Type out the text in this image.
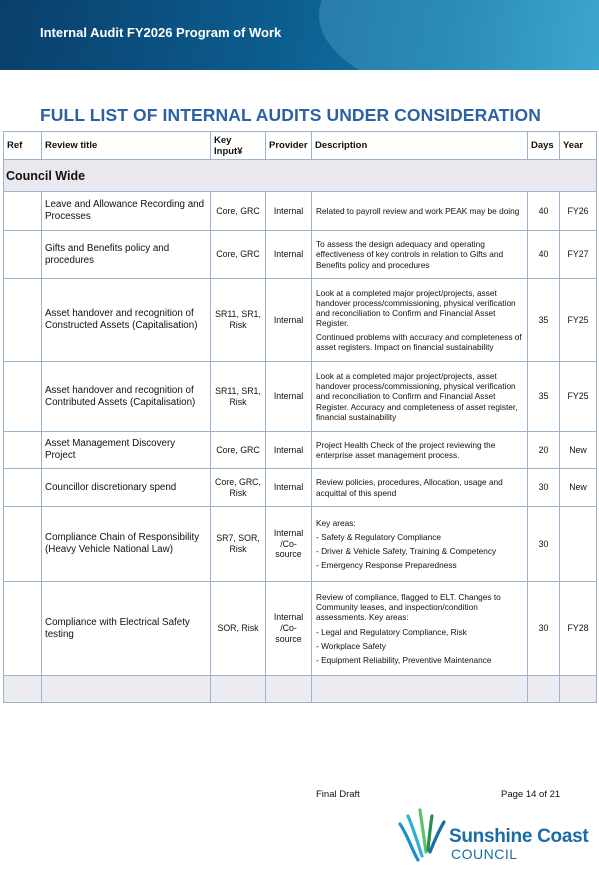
Internal Audit FY2026 Program of Work
FULL LIST OF INTERNAL AUDITS UNDER CONSIDERATION
Ref	Review title	Key Input¥	Provider	Description	Days	Year
Council Wide						
	Leave and Allowance Recording and Processes	Core, GRC	Internal	Related to payroll review and work PEAK may be doing	40	FY26
	Gifts and Benefits policy and procedures	Core, GRC	Internal	To assess the design adequacy and operating effectiveness of key controls in relation to Gifts and Benefits policy and procedures	40	FY27
	Asset handover and recognition of Constructed Assets (Capitalisation)	SR11, SR1, Risk	Internal	Look at a completed major project/projects, asset handover process/commissioning, physical verification and reconciliation to Confirm and Financial Asset Register.

Continued problems with accuracy and completeness of asset registers. Impact on financial sustainability	35	FY25
	Asset handover and recognition of Contributed Assets (Capitalisation)	SR11, SR1, Risk	Internal	Look at a completed major project/projects, asset handover process/commissioning, physical verification and reconciliation to Confirm and Financial Asset Register. Accuracy and completeness of asset register, financial sustainability	35	FY25
	Asset Management Discovery Project	Core, GRC	Internal	Project Health Check of the project reviewing the enterprise asset management process.	20	New
	Councillor discretionary spend	Core, GRC, Risk	Internal	Review policies, procedures, Allocation, usage and acquittal of this spend	30	New
	Compliance Chain of Responsibility (Heavy Vehicle National Law)	SR7, SOR, Risk	Internal /Co-source	Key areas:

- Safety & Regulatory Compliance

- Driver & Vehicle Safety, Training & Competency

- Emergency Response Preparedness	30	
	Compliance with Electrical Safety testing	SOR, Risk	Internal /Co-source	Review of compliance, flagged to ELT. Changes to Community leases, and inspection/condition assessments. Key areas:

- Legal and Regulatory Compliance, Risk

- Workplace Safety

- Equipment Reliability, Preventive Maintenance	30	FY28

Final Draft	Page 14 of 21
Sunshine Coast
COUNCIL
